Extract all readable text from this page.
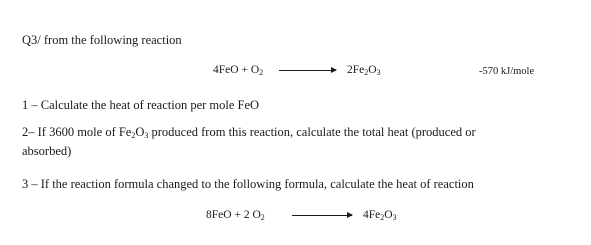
Q3/ from the following reaction
$4FeO + O_2 \to 2Fe_2O_3$	-570 kJ/mole
1 – Calculate the heat of reaction per mole FeO
2– If 3600 mole of $Fe_2O_3$ produced from this reaction, calculate the total heat (produced or
absorbed)
3 – If the reaction formula changed to the following formula, calculate the heat of reaction
8FeO + 2 $O_2 \to 4Fe_2O_3$
